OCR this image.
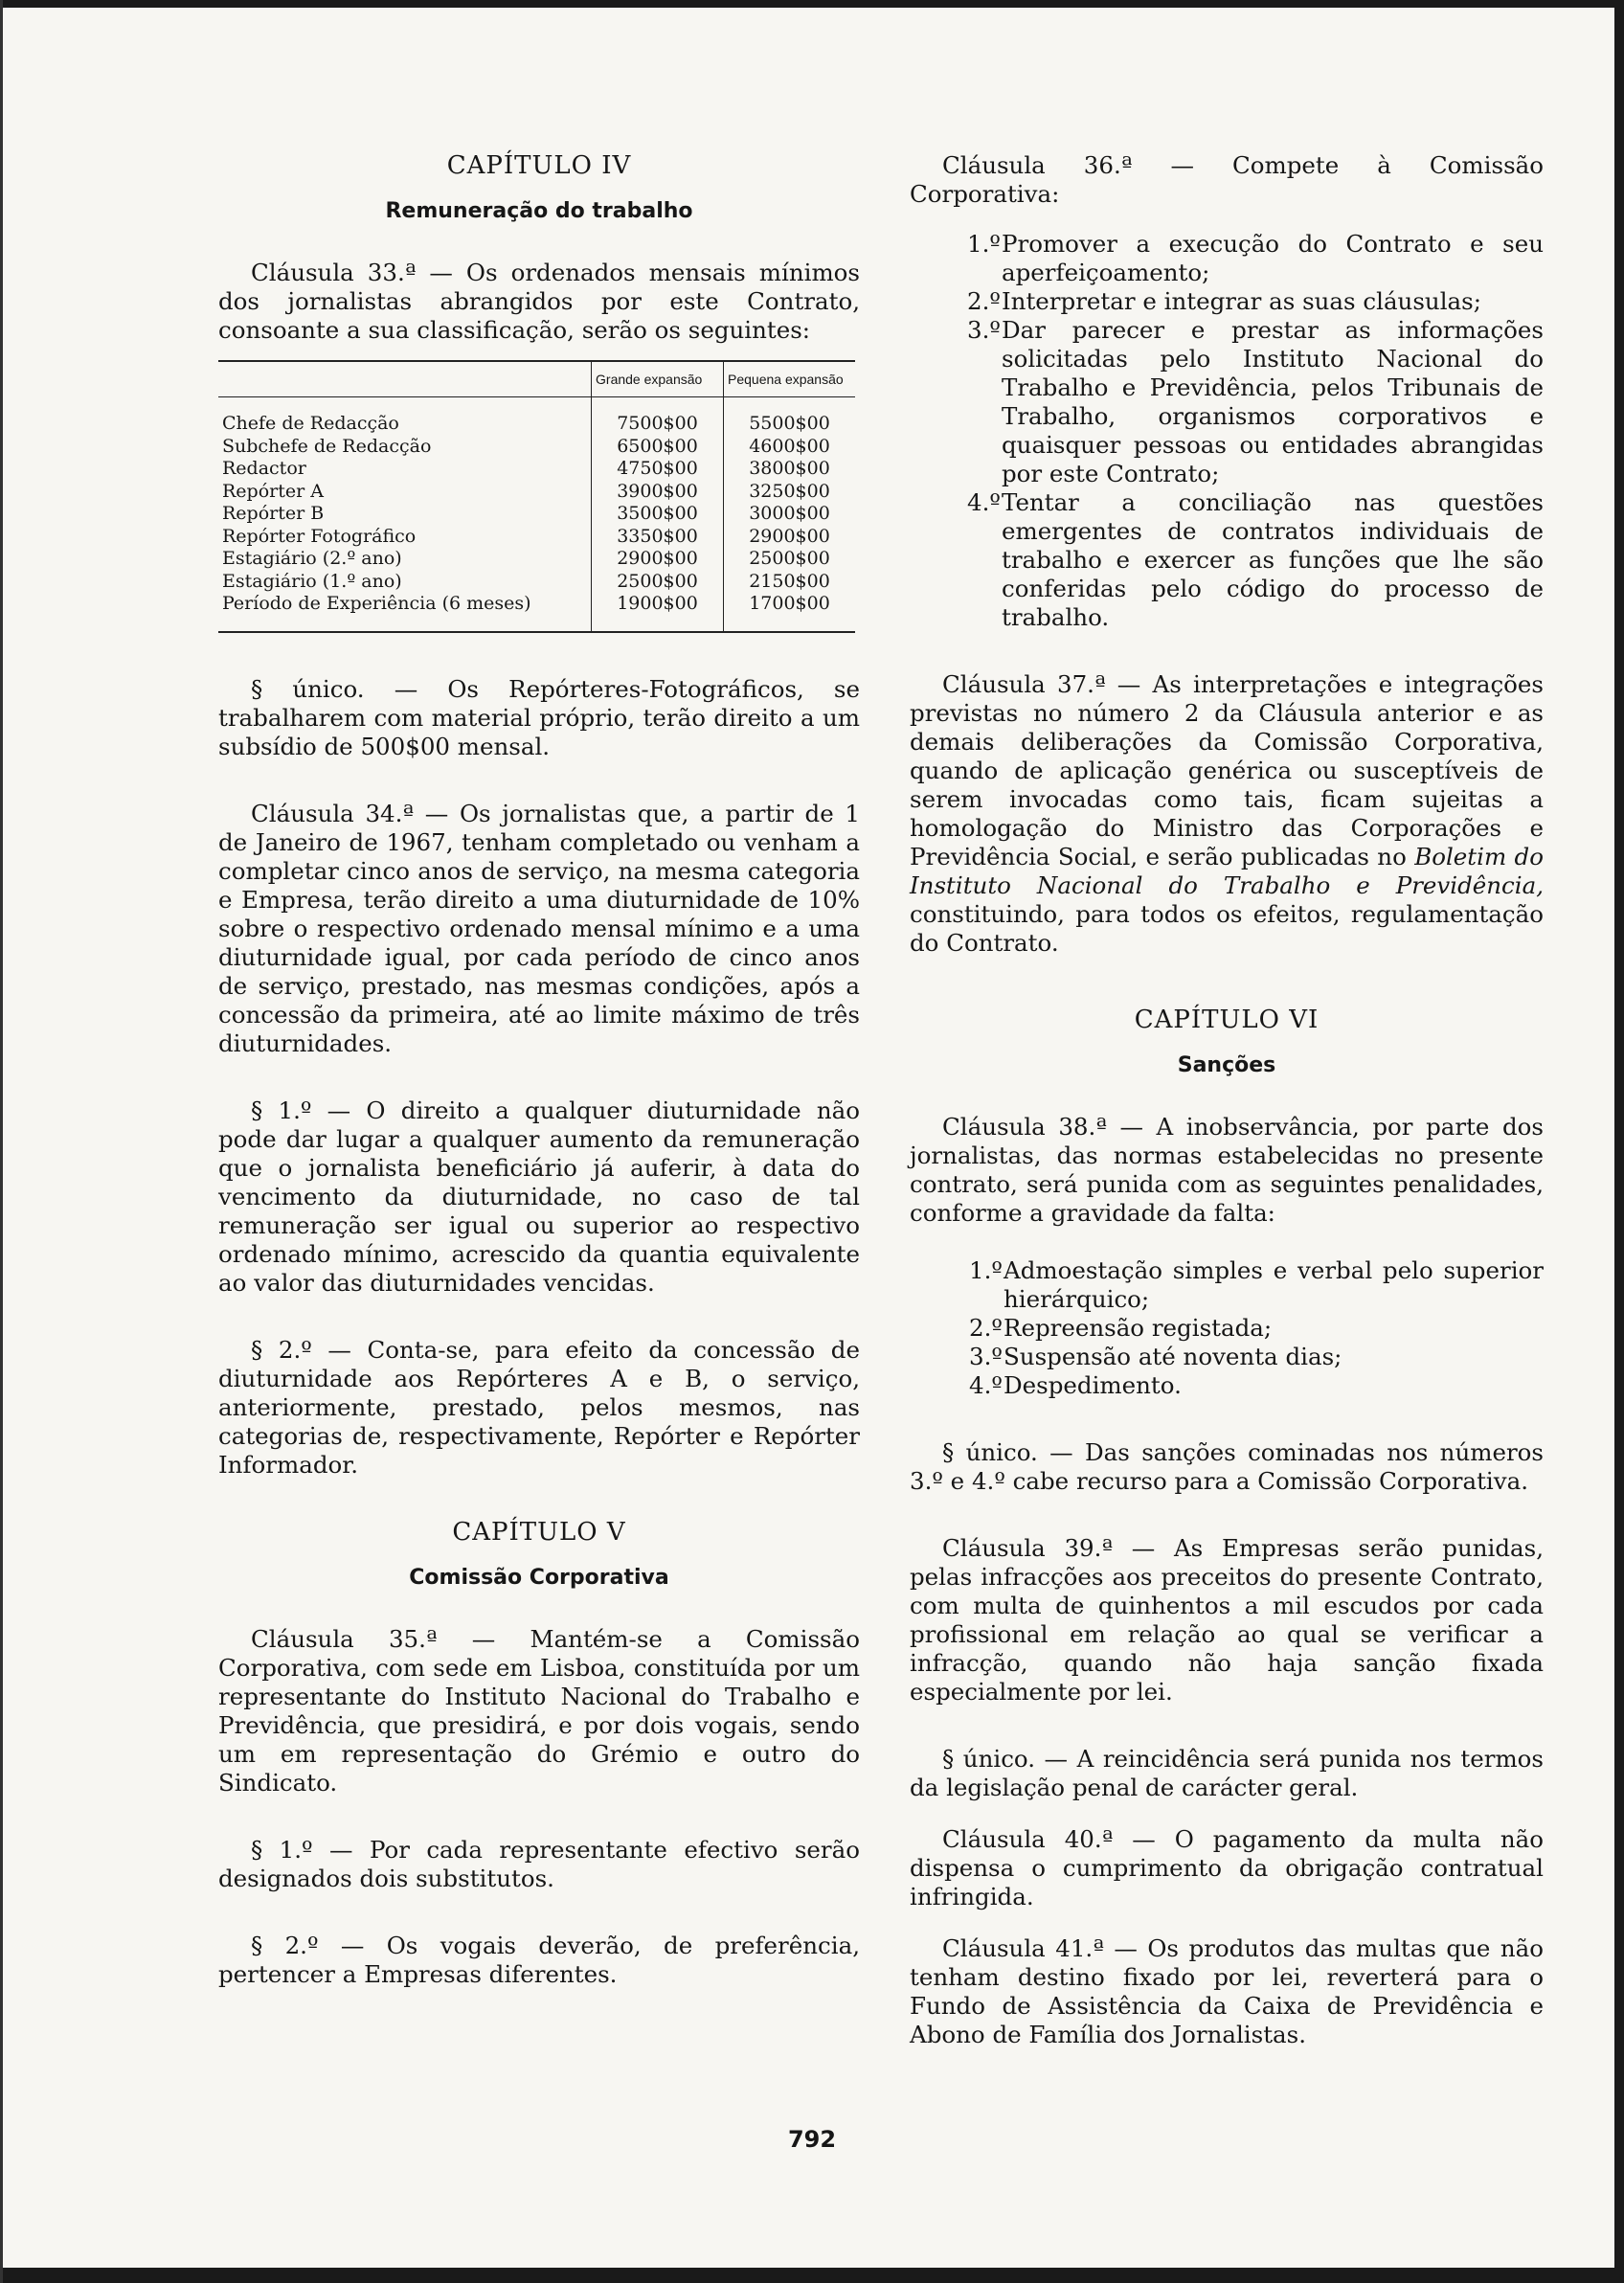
CAPÍTULO IV
Remuneração do trabalho

Cláusula 33.ª — Os ordenados mensais mínimos dos jornalistas abrangidos por este Contrato, consoante a sua classificação, serão os seguintes:

	Grande expansão	Pequena expansão
Chefe de Redacção	7500$00	5500$00
Subchefe de Redacção	6500$00	4600$00
Redactor	4750$00	3800$00
Repórter A	3900$00	3250$00
Repórter B	3500$00	3000$00
Repórter Fotográfico	3350$00	2900$00
Estagiário (2.º ano)	2900$00	2500$00
Estagiário (1.º ano)	2500$00	2150$00
Período de Experiência (6 meses)	1900$00	1700$00

§ único. — Os Repórteres-Fotográficos, se trabalharem com material próprio, terão direito a um subsídio de 500$00 mensal.

Cláusula 34.ª — Os jornalistas que, a partir de 1 de Janeiro de 1967, tenham completado ou venham a completar cinco anos de serviço, na mesma categoria e Empresa, terão direito a uma diuturnidade de 10% sobre o respectivo ordenado mensal mínimo e a uma diuturnidade igual, por cada período de cinco anos de serviço, prestado, nas mesmas condições, após a concessão da primeira, até ao limite máximo de três diuturnidades.

§ 1.º — O direito a qualquer diuturnidade não pode dar lugar a qualquer aumento da remuneração que o jornalista beneficiário já auferir, à data do vencimento da diuturnidade, no caso de tal remuneração ser igual ou superior ao respectivo ordenado mínimo, acrescido da quantia equivalente ao valor das diuturnidades vencidas.

§ 2.º — Conta-se, para efeito da concessão de diuturnidade aos Repórteres A e B, o serviço, anteriormente, prestado, pelos mesmos, nas categorias de, respectivamente, Repórter e Repórter Informador.

CAPÍTULO V
Comissão Corporativa

Cláusula 35.ª — Mantém-se a Comissão Corporativa, com sede em Lisboa, constituída por um representante do Instituto Nacional do Trabalho e Previdência, que presidirá, e por dois vogais, sendo um em representação do Grémio e outro do Sindicato.

§ 1.º — Por cada representante efectivo serão designados dois substitutos.

§ 2.º — Os vogais deverão, de preferência, pertencer a Empresas diferentes.

Cláusula 36.ª — Compete à Comissão Corporativa:

1.º Promover a execução do Contrato e seu aperfeiçoamento;
2.º Interpretar e integrar as suas cláusulas;
3.º Dar parecer e prestar as informações solicitadas pelo Instituto Nacional do Trabalho e Previdência, pelos Tribunais de Trabalho, organismos corporativos e quaisquer pessoas ou entidades abrangidas por este Contrato;
4.º Tentar a conciliação nas questões emergentes de contratos individuais de trabalho e exercer as funções que lhe são conferidas pelo código do processo de trabalho.

Cláusula 37.ª — As interpretações e integrações previstas no número 2 da Cláusula anterior e as demais deliberações da Comissão Corporativa, quando de aplicação genérica ou susceptíveis de serem invocadas como tais, ficam sujeitas a homologação do Ministro das Corporações e Previdência Social, e serão publicadas no Boletim do Instituto Nacional do Trabalho e Previdência, constituindo, para todos os efeitos, regulamentação do Contrato.

CAPÍTULO VI
Sanções

Cláusula 38.ª — A inobservância, por parte dos jornalistas, das normas estabelecidas no presente contrato, será punida com as seguintes penalidades, conforme a gravidade da falta:

1.º Admoestação simples e verbal pelo superior hierárquico;
2.º Repreensão registada;
3.º Suspensão até noventa dias;
4.º Despedimento.

§ único. — Das sanções cominadas nos números 3.º e 4.º cabe recurso para a Comissão Corporativa.

Cláusula 39.ª — As Empresas serão punidas, pelas infracções aos preceitos do presente Contrato, com multa de quinhentos a mil escudos por cada profissional em relação ao qual se verificar a infracção, quando não haja sanção fixada especialmente por lei.

§ único. — A reincidência será punida nos termos da legislação penal de carácter geral.

Cláusula 40.ª — O pagamento da multa não dispensa o cumprimento da obrigação contratual infringida.

Cláusula 41.ª — Os produtos das multas que não tenham destino fixado por lei, reverterá para o Fundo de Assistência da Caixa de Previdência e Abono de Família dos Jornalistas.

792
